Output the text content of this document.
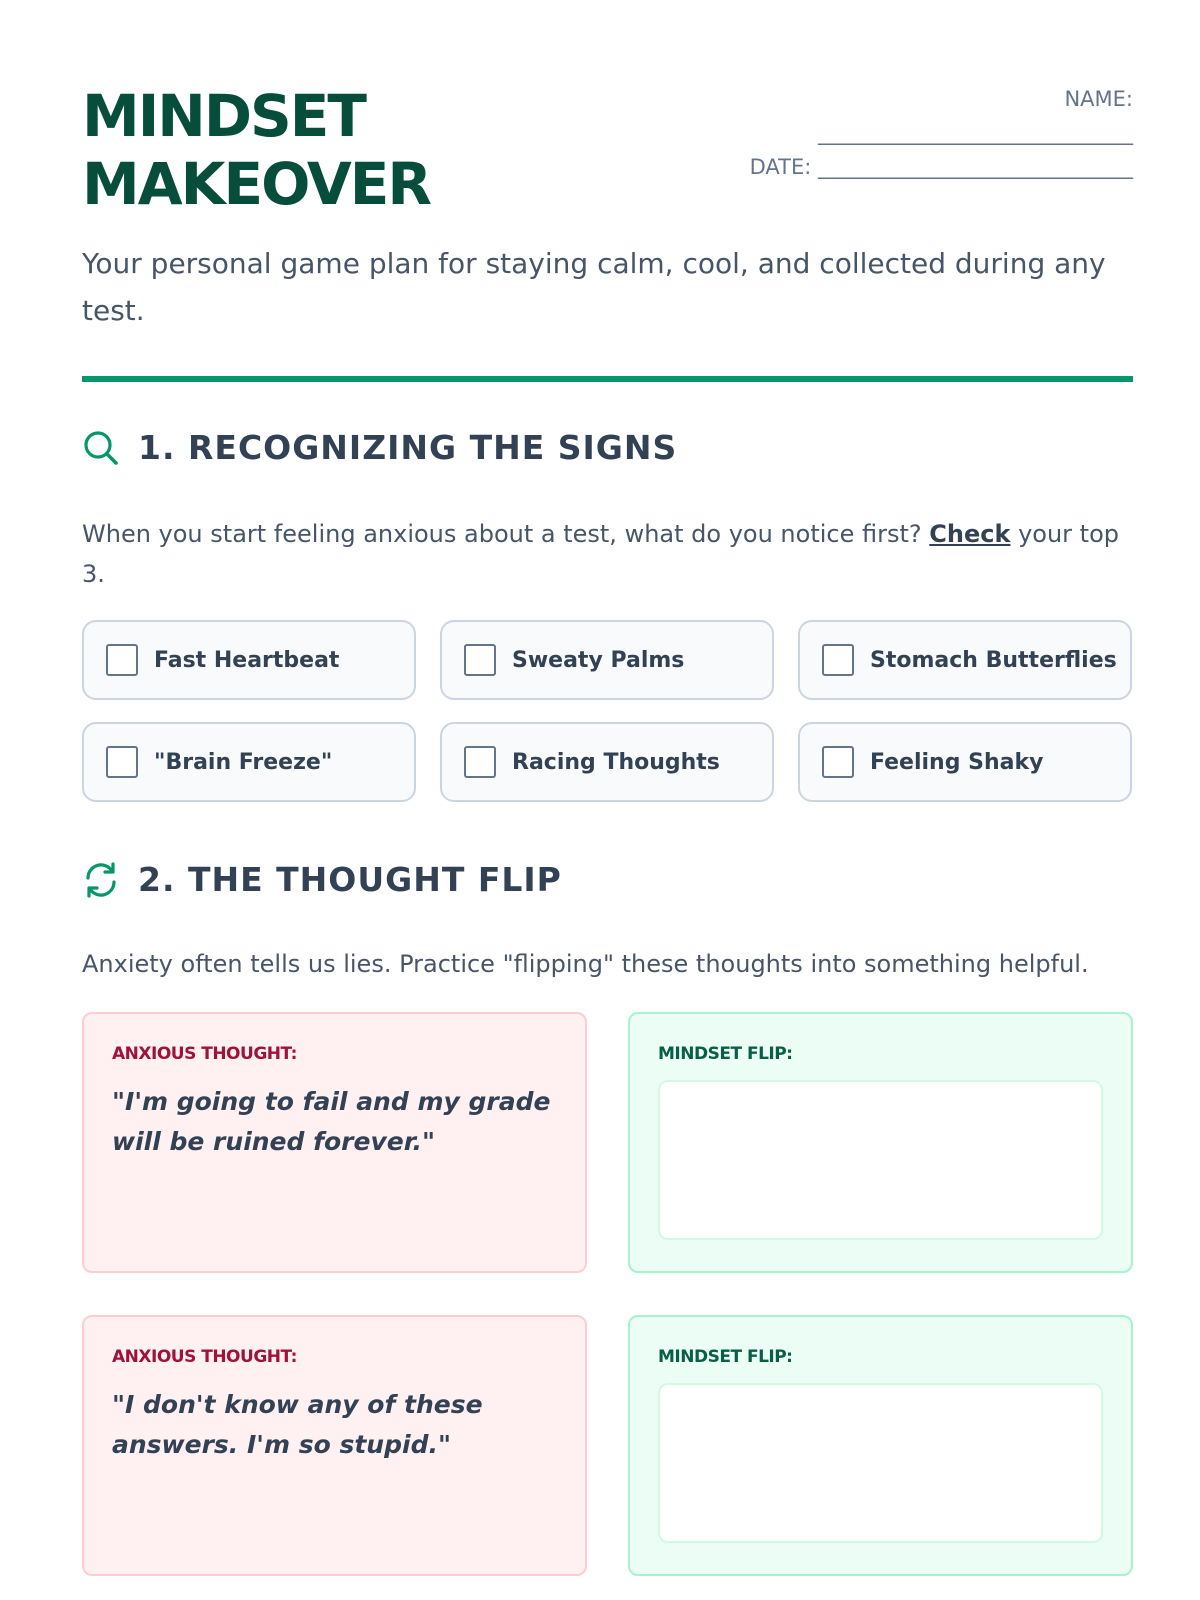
MINDSET
MAKEOVER
NAME:
______________________________
DATE: ______________________________

Your personal game plan for staying calm, cool, and collected during any test.

1. RECOGNIZING THE SIGNS

When you start feeling anxious about a test, what do you notice first? Check your top 3.

Fast Heartbeat	Sweaty Palms	Stomach Butterflies
"Brain Freeze"	Racing Thoughts	Feeling Shaky
2. THE THOUGHT FLIP

Anxiety often tells us lies. Practice "flipping" these thoughts into something helpful.

ANXIOUS THOUGHT:
"I'm going to fail and my grade will be ruined forever."
MINDSET FLIP:
ANXIOUS THOUGHT:
"I don't know any of these answers. I'm so stupid."
MINDSET FLIP:
